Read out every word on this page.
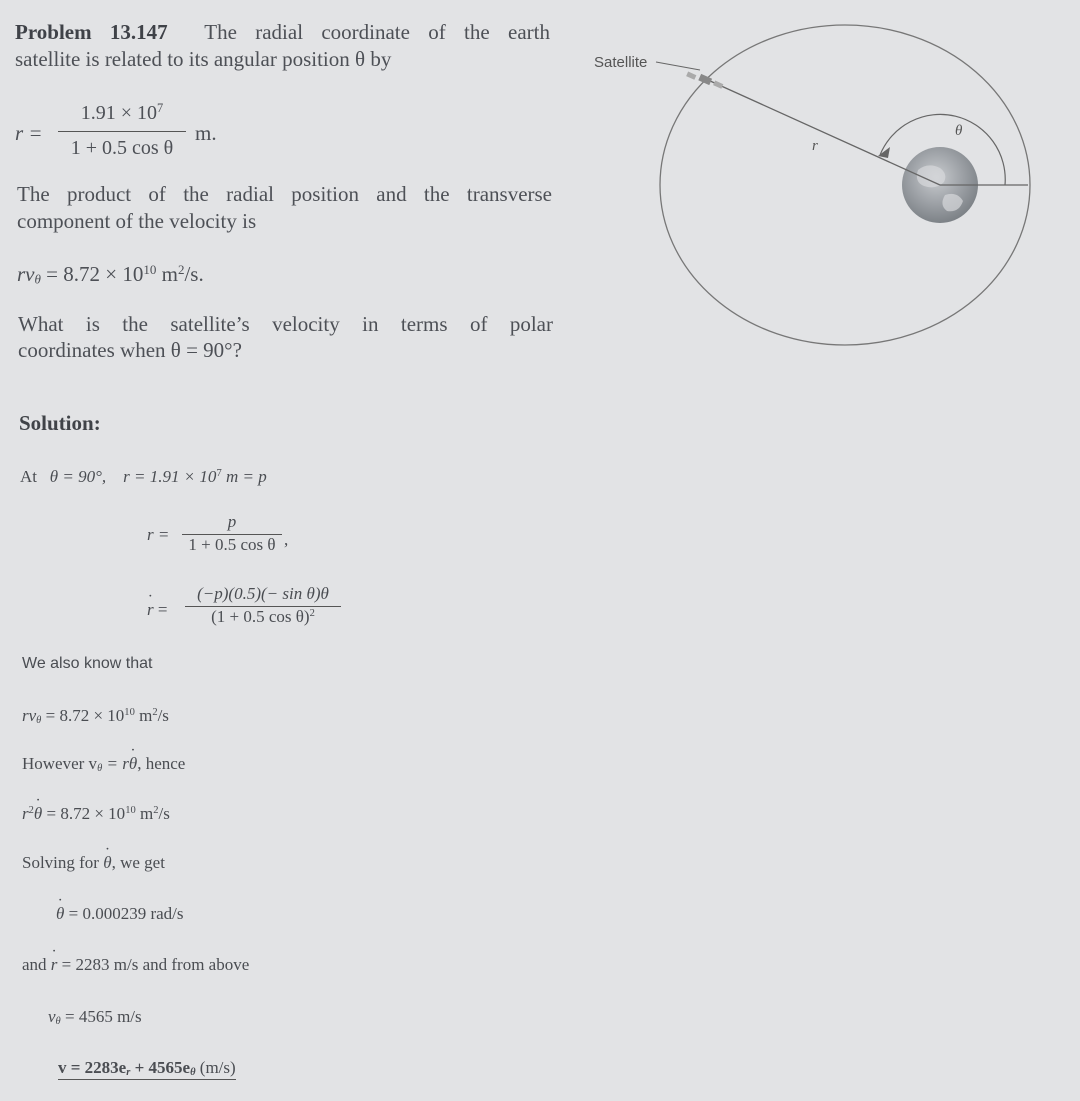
Problem 13.147 The radial coordinate of the earth
satellite is related to its angular position θ by
r =
$1.91 \times 10^7$
1 + 0.5 cos θ
m.
The product of the radial position and the transverse
component of the velocity is
$rv_\theta = 8.72 \times 10^{10}$ $m^2/s$.
What is the satellite’s velocity in terms of polar
coordinates when θ = 90°?
Satellite
r
θ
Solution:
At θ = 90°, $r = 1.91 \times 10^7$ m = p
r =
p
1 + 0.5 cos θ ,
r ˙ =
(−p)(0.5)(− sin θ)θ
(1 + 0.5 cos θ)$^2$
We also know that
$rv_\theta = 8.72 \times 10^{10}$ $m^2/s$
However $v_\theta = r\theta$ ˙, hence
$r^2\theta$ ˙ = $8.72 \times 10^{10}$ $m^2/s$
Solving for θ ˙, we get
θ ˙ = 0.000239 rad/s
and r ˙ = 2283 m/s and from above
$v_\theta = 4565$ m/s
$v = 2283e_r + 4565e_\theta$ (m/s)
